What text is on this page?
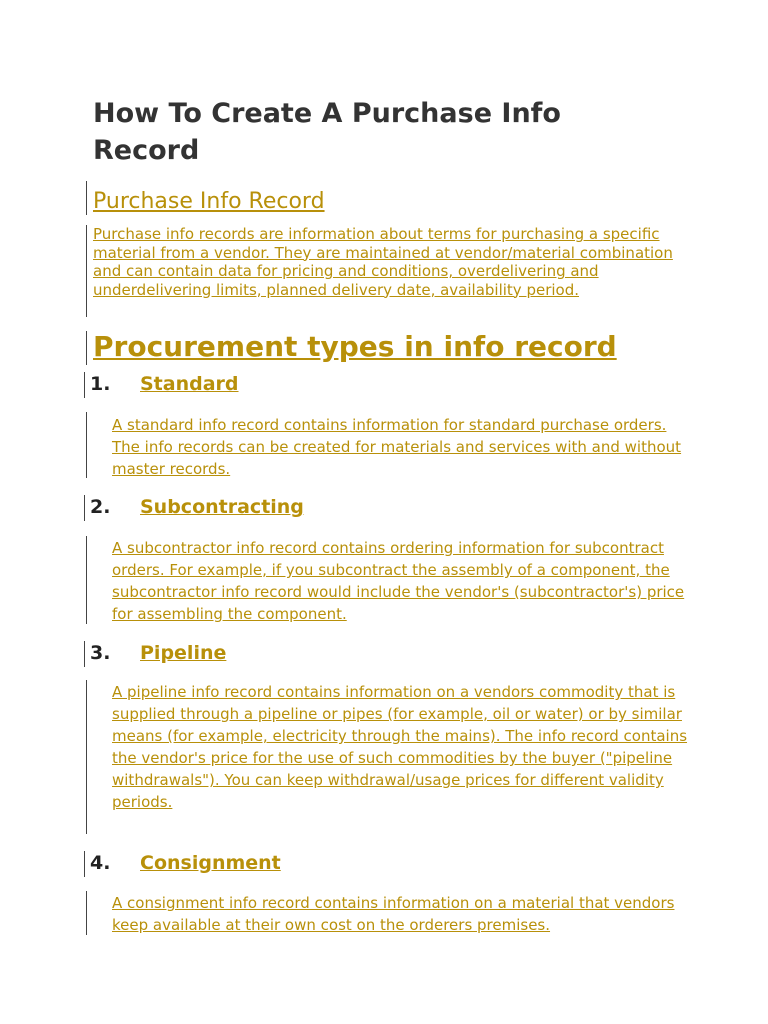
How To Create A Purchase Info Record
Purchase Info Record

Purchase info records are information about terms for purchasing a specific material from a vendor. They are maintained at vendor/material combination and can contain data for pricing and conditions, overdelivering and underdelivering limits, planned delivery date, availability period.

Procurement types in info record
1. Standard

A standard info record contains information for standard purchase orders. The info records can be created for materials and services with and without master records.

2. Subcontracting

A subcontractor info record contains ordering information for subcontract orders. For example, if you subcontract the assembly of a component, the subcontractor info record would include the vendor's (subcontractor's) price for assembling the component.

3. Pipeline

A pipeline info record contains information on a vendors commodity that is supplied through a pipeline or pipes (for example, oil or water) or by similar means (for example, electricity through the mains). The info record contains the vendor's price for the use of such commodities by the buyer ("pipeline withdrawals"). You can keep withdrawal/usage prices for different validity periods.

4. Consignment

A consignment info record contains information on a material that vendors keep available at their own cost on the orderers premises.
